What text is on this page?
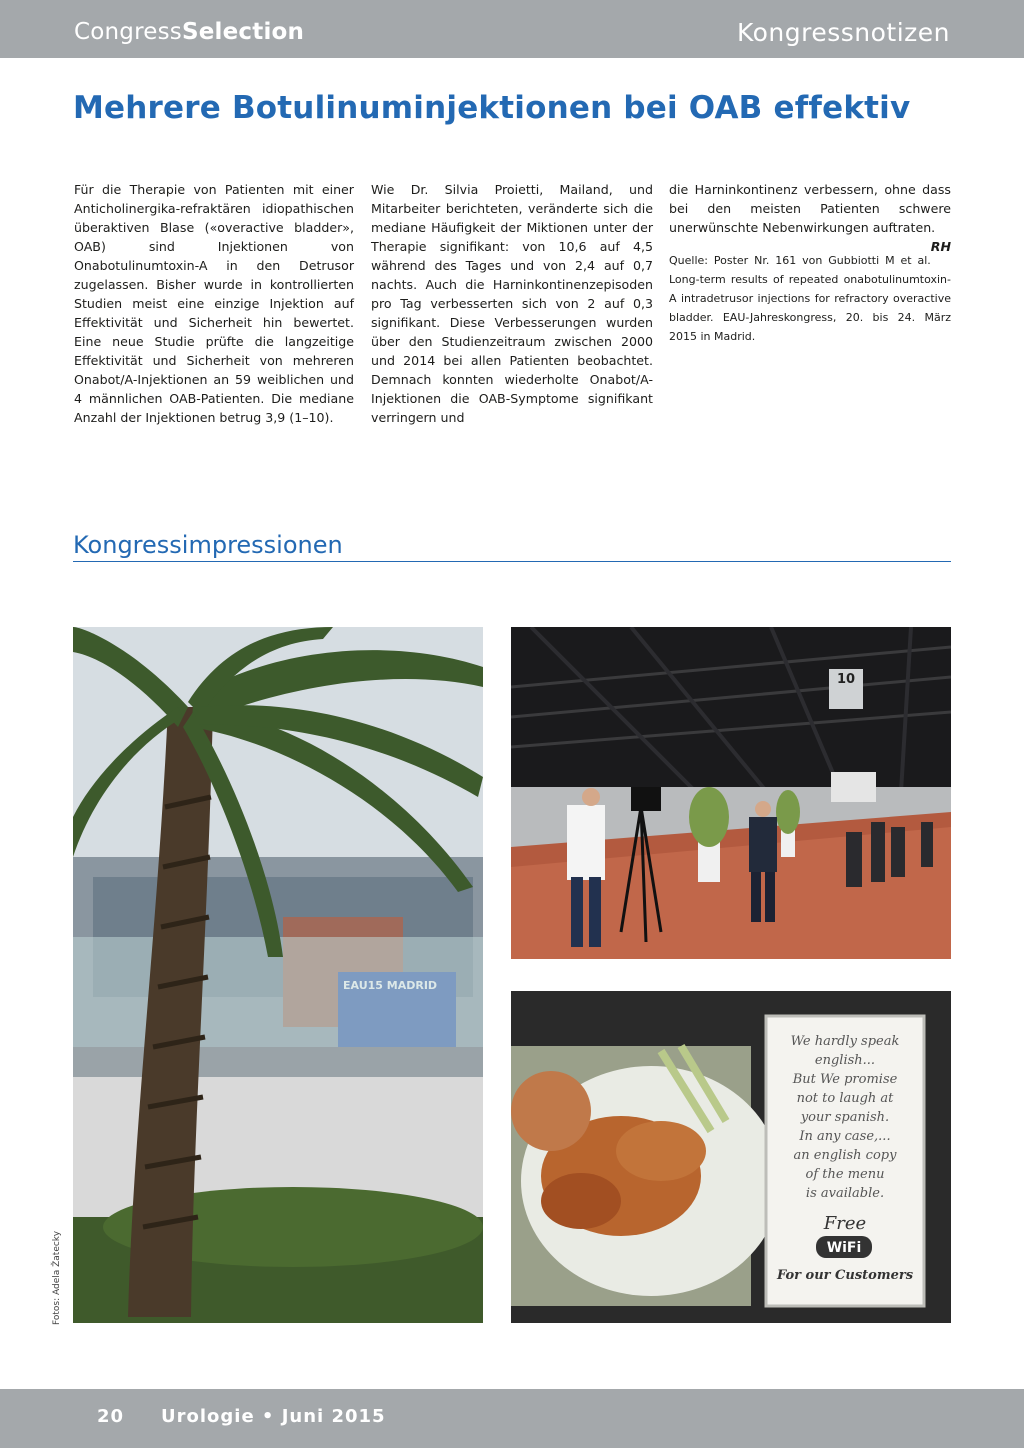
CongressSelection	Kongressnotizen
Mehrere Botulinuminjektionen bei OAB effektiv

Für die Therapie von Patienten mit einer Anticholinergika-refraktären idiopathischen überaktiven Blase («overactive bladder», OAB) sind Injektionen von Onabotulinumtoxin-A in den Detrusor zugelassen. Bisher wurde in kontrollierten Studien meist eine einzige Injektion auf Effektivität und Sicherheit hin bewertet. Eine neue Studie prüfte die langzeitige Effektivität und Sicherheit von mehreren Onabot/A-Injektionen an 59 weiblichen und 4 männlichen OAB-Patienten. Die mediane Anzahl der Injektionen betrug 3,9 (1–10).

Wie Dr. Silvia Proietti, Mailand, und Mitarbeiter berichteten, veränderte sich die mediane Häufigkeit der Miktionen unter der Therapie signifikant: von 10,6 auf 4,5 während des Tages und von 2,4 auf 0,7 nachts. Auch die Harninkontinenzepisoden pro Tag verbesserten sich von 2 auf 0,3 signifikant. Diese Verbesserungen wurden über den Studienzeitraum zwischen 2000 und 2014 bei allen Patienten beobachtet. Demnach konnten wiederholte Onabot/A-Injektionen die OAB-Symptome signifikant verringern und

die Harninkontinenz verbessern, ohne dass bei den meisten Patienten schwere unerwünschte Nebenwirkungen auftraten.
RH

Quelle: Poster Nr. 161 von Gubbiotti M et al. Long-term results of repeated onabotulinumtoxin-A intradetrusor injections for refractory overactive bladder. EAU-Jahreskongress, 20. bis 24. März 2015 in Madrid.

Kongressimpressionen
10
We hardly speak
english...
But We promise
not to laugh at
your spanish.
In any case,...
an english copy
of the menu
is available.
Free
WiFi
For our Customers
Fotos: Adela Žatecky
20 Urologie • Juni 2015
